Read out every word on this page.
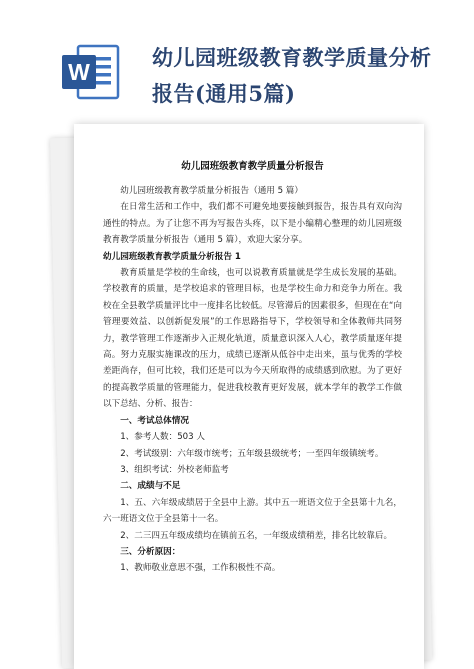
W
幼儿园班级教育教学质量分析
报告(通用5篇)
幼儿园班级教育教学质量分析报告

幼儿园班级教育教学质量分析报告（通用 5 篇）

在日常生活和工作中，我们都不可避免地要接触到报告，报告具有双向沟通性的特点。为了让您不再为写报告头疼，以下是小编精心整理的幼儿园班级教育教学质量分析报告（通用 5 篇），欢迎大家分享。

幼儿园班级教育教学质量分析报告 1

教育质量是学校的生命线，也可以说教育质量就是学生成长发展的基础。学校教育的质量，是学校追求的管理目标，也是学校生命力和竞争力所在。我校在全县教学质量评比中一度排名比较低。尽管滞后的因素很多，但现在在“向管理要效益、以创新促发展”的工作思路指导下，学校领导和全体教师共同努力，教学管理工作逐渐步入正规化轨道，质量意识深入人心，教学质量逐年提高。努力克服实施课改的压力，成绩已逐渐从低谷中走出来，虽与优秀的学校差距尚存，但可比较，我们还是可以为今天所取得的成绩感到欣慰。为了更好的提高教学质量的管理能力，促进我校教育更好发展，就本学年的教学工作做以下总结、分析、报告：

一、考试总体情况

1、参考人数：503 人

2、考试级别：六年级市统考；五年级县级统考；一至四年级镇统考。

3、组织考试：外校老师监考

二、成绩与不足

1、五、六年级成绩居于全县中上游。其中五一班语文位于全县第十九名，六一班语文位于全县第十一名。

2、二三四五年级成绩均在镇前五名，一年级成绩稍差，排名比较靠后。

三、分析原因：

1、教师敬业意思不强，工作积极性不高。
